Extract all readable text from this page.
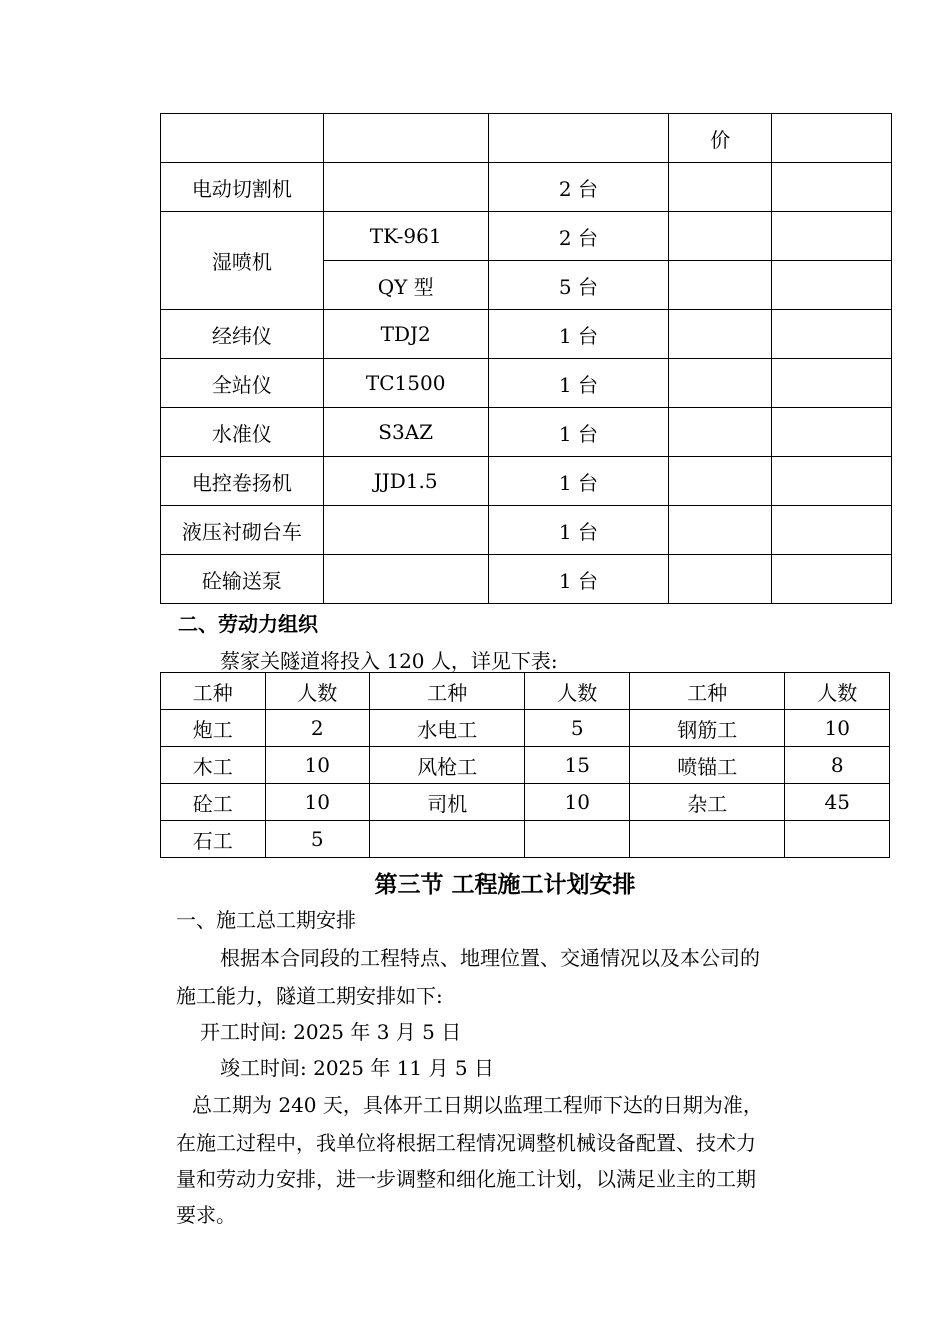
			价	
电动切割机		2 台		
湿喷机	TK-961	2 台		
	QY 型	5 台		
经纬仪	TDJ2	1 台		
全站仪	TC1500	1 台		
水准仪	S3AZ	1 台		
电控卷扬机	JJD1.5	1 台		
液压衬砌台车		1 台		
砼输送泵		1 台		
二、劳动力组织
蔡家关隧道将投入 120 人，详见下表:
工种	人数	工种	人数	工种	人数
炮工	2	水电工	5	钢筋工	10
木工	10	风枪工	15	喷锚工	8
砼工	10	司机	10	杂工	45
石工	5				
第三节 工程施工计划安排
一、施工总工期安排
根据本合同段的工程特点、地理位置、交通情况以及本公司的
施工能力，隧道工期安排如下:
开工时间: 2025 年 3 月 5 日
竣工时间: 2025 年 11 月 5 日
总工期为 240 天，具体开工日期以监理工程师下达的日期为准，
在施工过程中，我单位将根据工程情况调整机械设备配置、技术力
量和劳动力安排，进一步调整和细化施工计划，以满足业主的工期
要求。
